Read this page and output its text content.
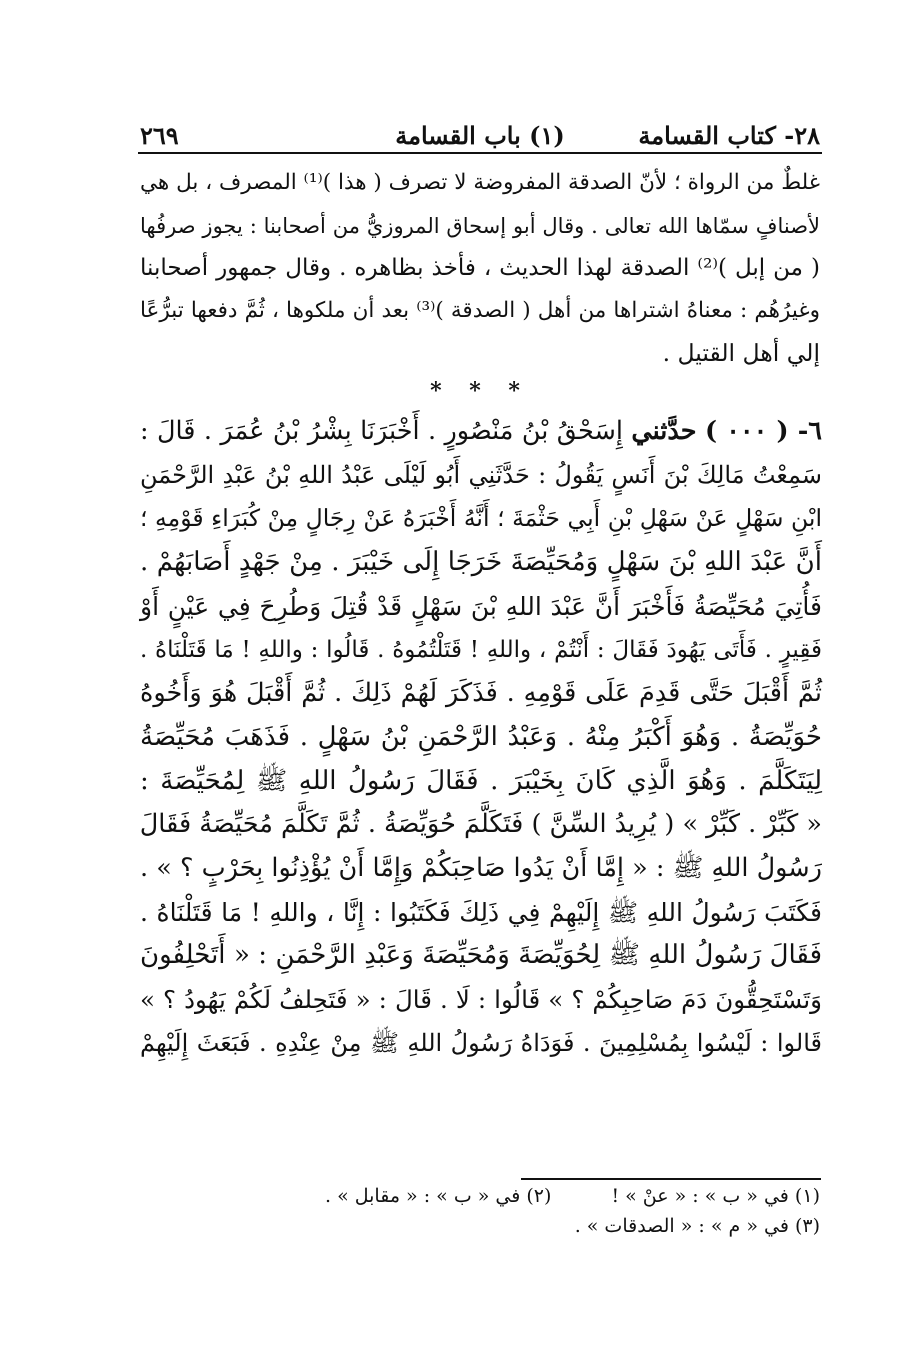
٢٨- كتاب القسامة
(١) باب القسامة
٢٦٩

غلطٌ من الرواة ؛ لأنّ الصدقة المفروضة لا تصرف ( هذا )⁽¹⁾ المصرف ، بل هي

لأصنافٍ سمّاها الله تعالى . وقال أبو إسحاق المروزيُّ من أصحابنا : يجوز صرفُها

( من إبل )⁽²⁾ الصدقة لهذا الحديث ، فأخذ بظاهره . وقال جمهور أصحابنا

وغيرُهُم : معناهُ اشتراها من أهل ( الصدقة )⁽³⁾ بعد أن ملكوها ، ثُمَّ دفعها تبرُّعًا

إلي أهل القتيل .

* * *

٦- ( ٠٠٠ ) حدَّثني إِسَحْقُ بْنُ مَنْصُورٍ . أَخْبَرَنَا بِشْرُ بْنُ عُمَرَ . قَالَ :

سَمِعْتُ مَالِكَ بْنَ أَنَسٍ يَقُولُ : حَدَّثَنِي أَبُو لَيْلَى عَبْدُ اللهِ بْنُ عَبْدِ الرَّحْمَنِ

ابْنِ سَهْلٍ عَنْ سَهْلِ بْنِ أَبِي حَثْمَةَ ؛ أَنَّهُ أَخْبَرَهُ عَنْ رِجَالٍ مِنْ كُبَرَاءِ قَوْمِهِ ؛

أَنَّ عَبْدَ اللهِ بْنَ سَهْلٍ وَمُحَيِّصَةَ خَرَجَا إِلَى خَيْبَرَ . مِنْ جَهْدٍ أَصَابَهُمْ .

فَأُتِيَ مُحَيِّصَةُ فَأَخْبَرَ أَنَّ عَبْدَ اللهِ بْنَ سَهْلٍ قَدْ قُتِلَ وَطُرِحَ فِي عَيْنٍ أَوْ

فَقِيرٍ . فَأَتَى يَهُودَ فَقَالَ : أَنْتُمْ ، واللهِ ! قَتَلْتُمُوهُ . قَالُوا : واللهِ ! مَا قَتَلْنَاهُ .

ثُمَّ أَقْبَلَ حَتَّى قَدِمَ عَلَى قَوْمِهِ . فَذَكَرَ لَهُمْ ذَلِكَ . ثُمَّ أَقْبَلَ هُوَ وَأَخُوهُ

حُوَيِّصَةُ . وَهُوَ أَكْبَرُ مِنْهُ . وَعَبْدُ الرَّحْمَنِ بْنُ سَهْلٍ . فَذَهَبَ مُحَيِّصَةُ

لِيَتَكَلَّمَ . وَهُوَ الَّذِي كَانَ بِخَيْبَرَ . فَقَالَ رَسُولُ اللهِ ﷺ لِمُحَيِّصَةَ :

« كَبِّرْ . كَبِّرْ » ( يُرِيدُ السِّنَّ ) فَتَكَلَّمَ حُوَيِّصَةُ . ثُمَّ تَكَلَّمَ مُحَيِّصَةُ فَقَالَ

رَسُولُ اللهِ ﷺ : « إِمَّا أَنْ يَدُوا صَاحِبَكُمْ وَإِمَّا أَنْ يُؤْذِنُوا بِحَرْبٍ ؟ » .

فَكَتَبَ رَسُولُ اللهِ ﷺ إِلَيْهِمْ فِي ذَلِكَ فَكَتَبُوا : إِنَّا ، واللهِ ! مَا قَتَلْنَاهُ .

فَقَالَ رَسُولُ اللهِ ﷺ لِحُوَيِّصَةَ وَمُحَيِّصَةَ وَعَبْدِ الرَّحْمَنِ : « أَتَحْلِفُونَ

وَتَسْتَحِقُّونَ دَمَ صَاحِبِكُمْ ؟ » قَالُوا : لَا . قَالَ : « فَتَحِلفُ لَكُمْ يَهُودُ ؟ »

قَالوا : لَيْسُوا بِمُسْلِمِينَ . فَوَدَاهُ رَسُولُ اللهِ ﷺ مِنْ عِنْدِهِ . فَبَعَثَ إِلَيْهِمْ

(١) في « ب » : « عنْ » !
(٢) في « ب » : « مقابل » .
(٣) في « م » : « الصدقات » .
